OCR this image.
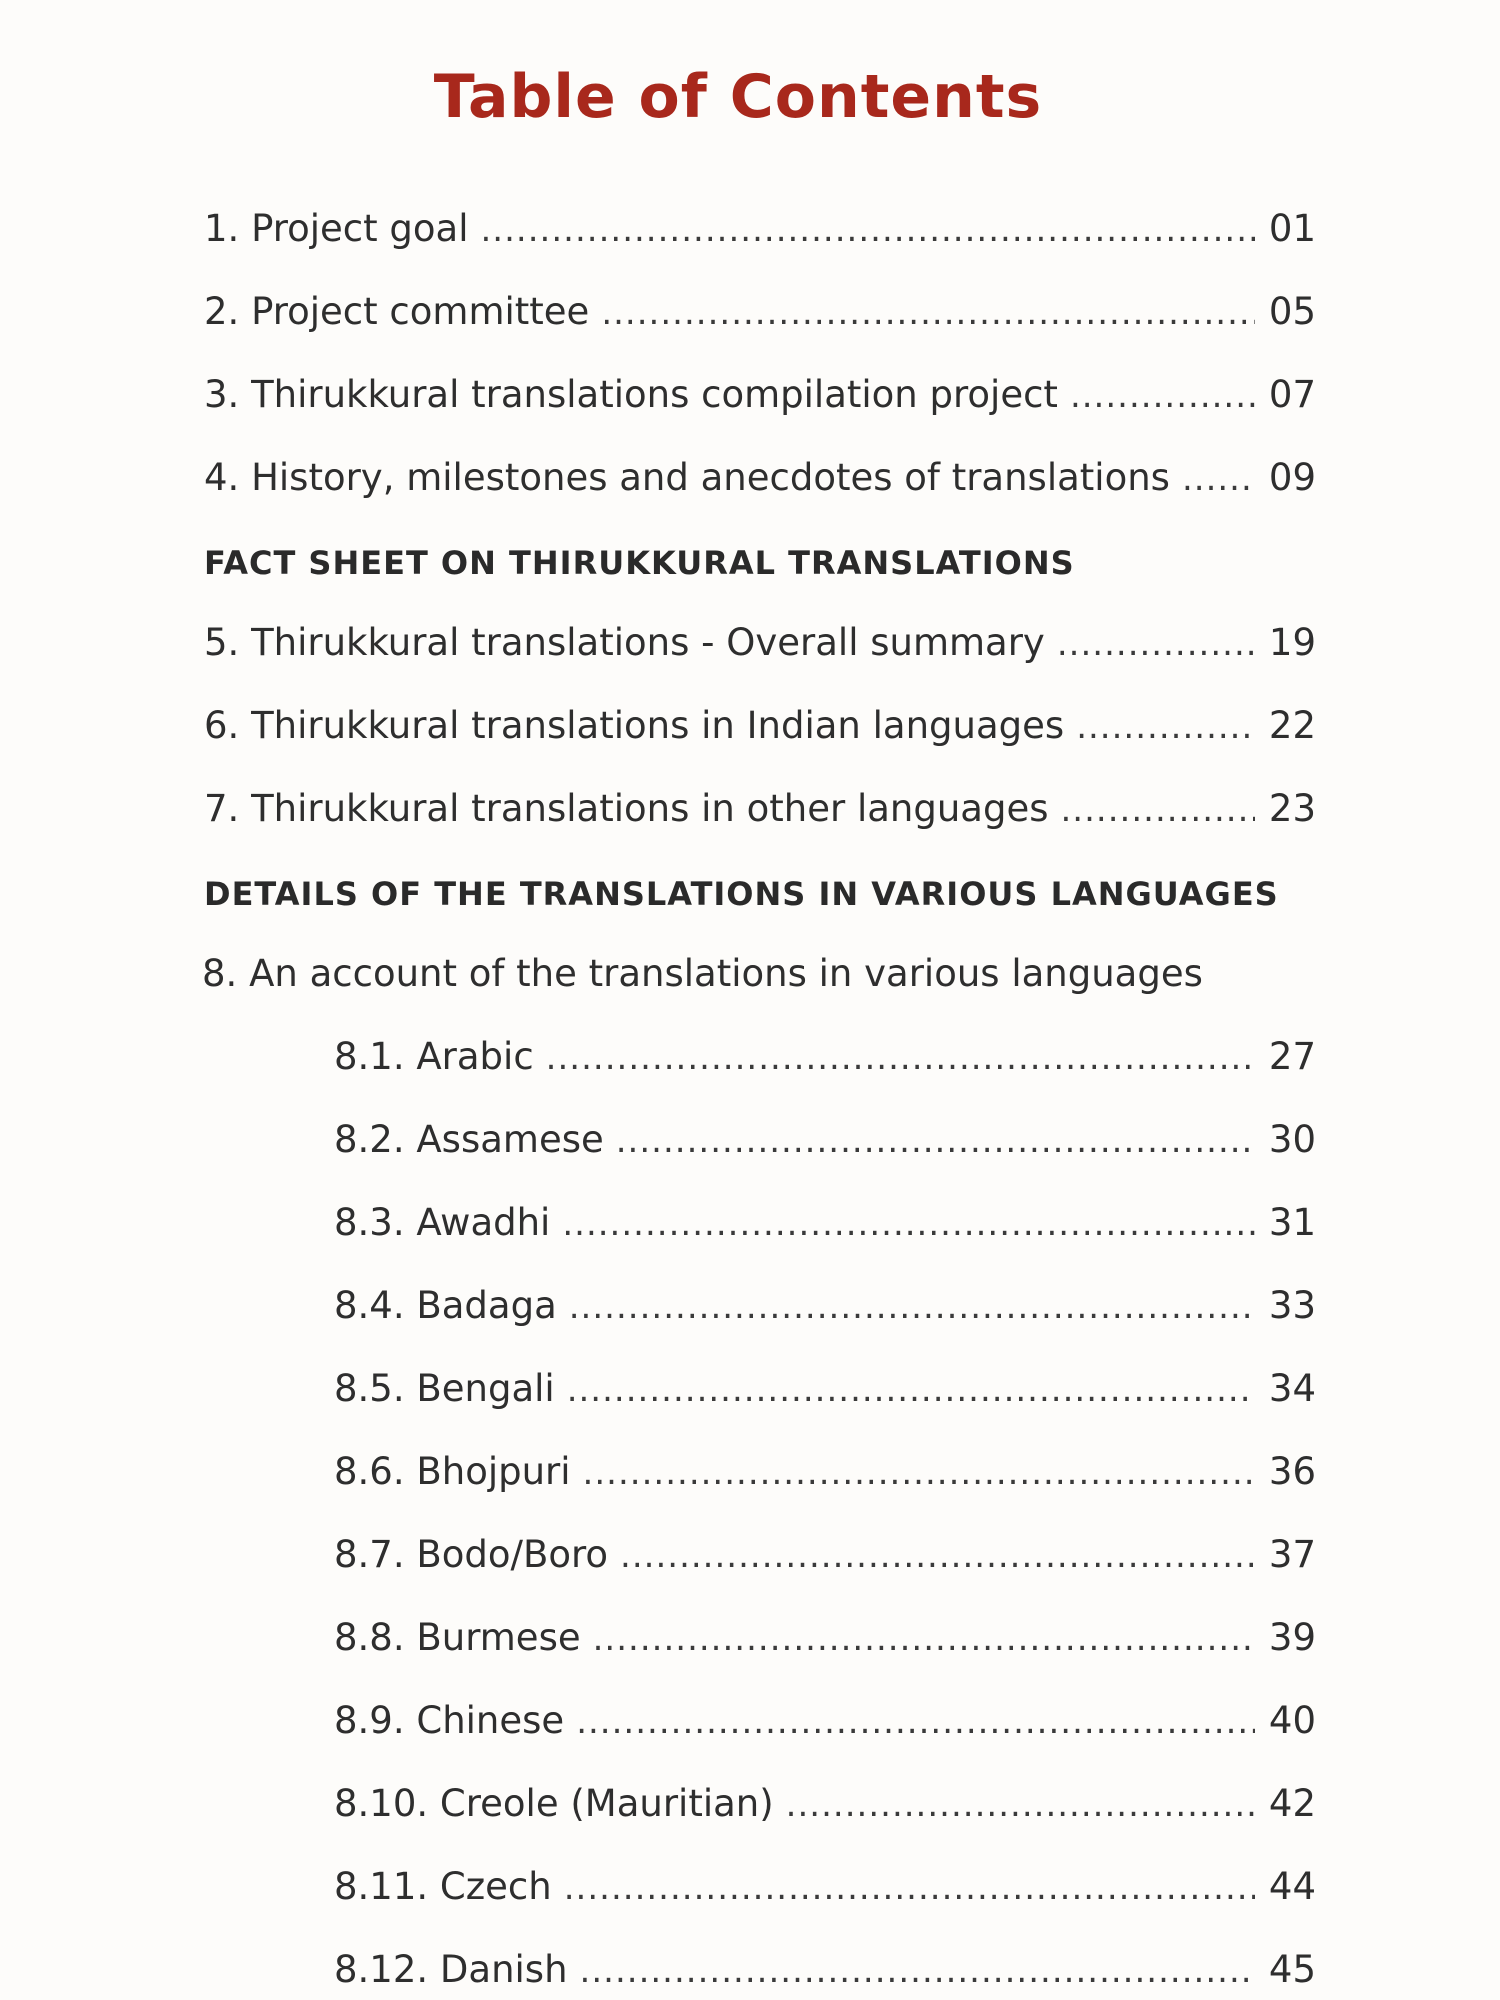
Table of Contents
1. Project goal .....	01
2. Project committee .....	05
3. Thirukkural translations compilation project .....	07
4. History, milestones and anecdotes of translations .....	09
FACT SHEET ON THIRUKKURAL TRANSLATIONS
5. Thirukkural translations - Overall summary .....	19
6. Thirukkural translations in Indian languages .....	22
7. Thirukkural translations in other languages .....	23
DETAILS OF THE TRANSLATIONS IN VARIOUS LANGUAGES
8. An account of the translations in various languages
8.1. Arabic .....	27
8.2. Assamese .....	30
8.3. Awadhi .....	31
8.4. Badaga .....	33
8.5. Bengali .....	34
8.6. Bhojpuri .....	36
8.7. Bodo/Boro .....	37
8.8. Burmese .....	39
8.9. Chinese .....	40
8.10. Creole (Mauritian) .....	42
8.11. Czech .....	44
8.12. Danish .....	45
